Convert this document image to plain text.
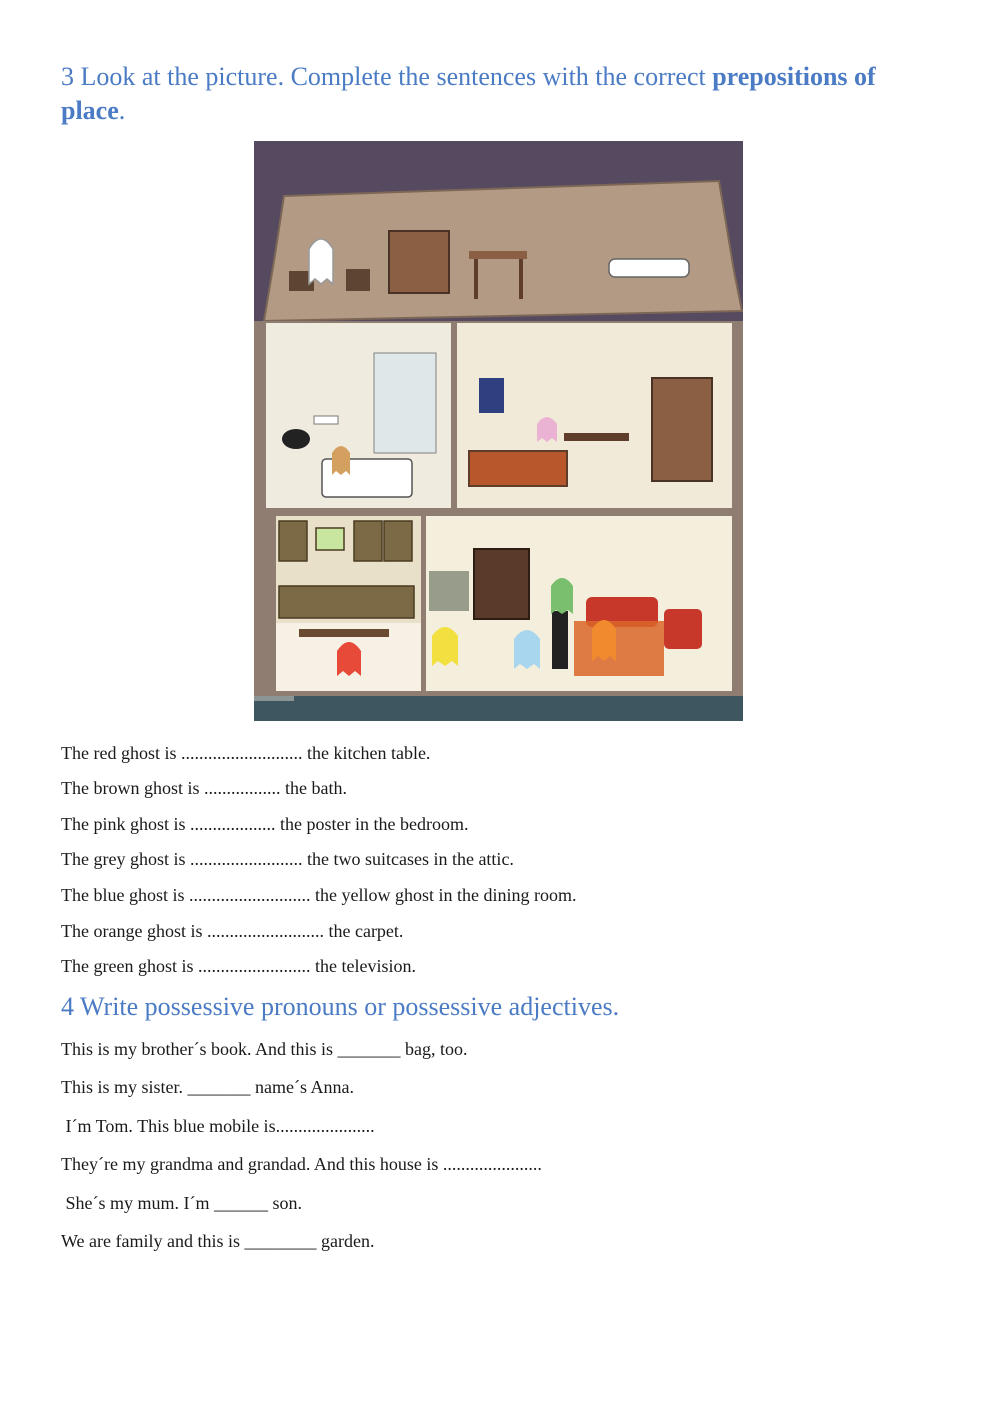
3 Look at the picture. Complete the sentences with the correct prepositions of place.
The red ghost is ........................... the kitchen table.
The brown ghost is ................. the bath.
The pink ghost is ................... the poster in the bedroom.
The grey ghost is ......................... the two suitcases in the attic.
The blue ghost is ........................... the yellow ghost in the dining room.
The orange ghost is .......................... the carpet.
The green ghost is ......................... the television.
4 Write possessive pronouns or possessive adjectives.
This is my brother´s book. And this is _______ bag, too.
This is my sister. _______ name´s Anna.
I´m Tom. This blue mobile is......................
They´re my grandma and grandad. And this house is ......................
She´s my mum. I´m ______ son.
We are family and this is ________ garden.
